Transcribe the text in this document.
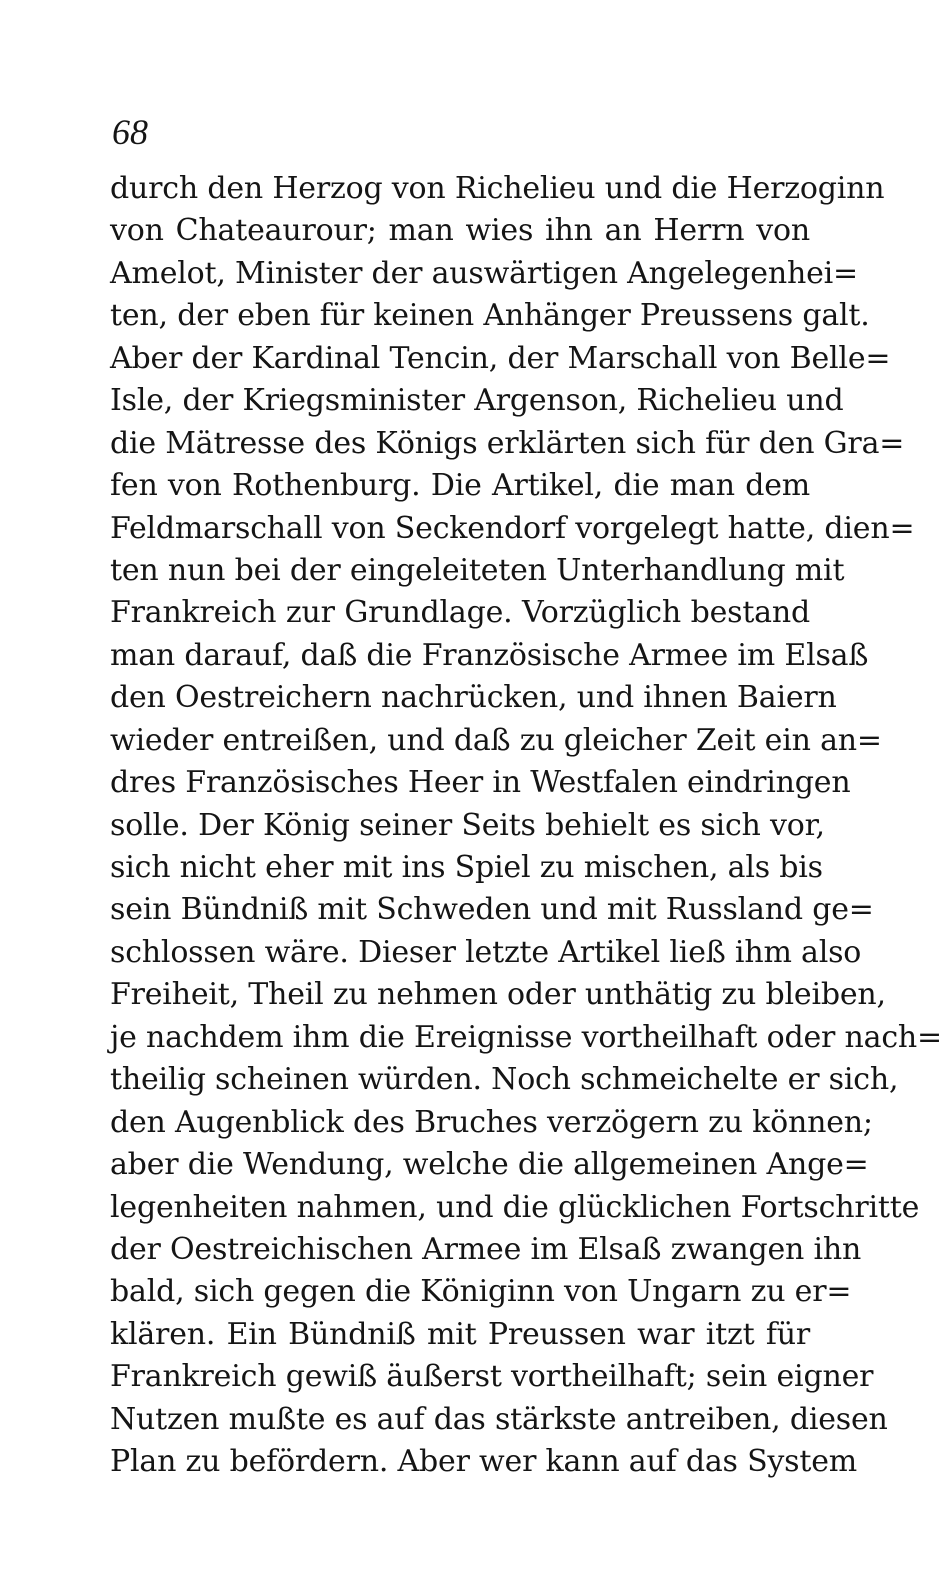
68
durch den Herzog von Richelieu und die Herzoginn
von Chateaurour; man wies ihn an Herrn von
Amelot, Minister der auswärtigen Angelegenhei=
ten, der eben für keinen Anhänger Preussens galt.
Aber der Kardinal Tencin, der Marschall von Belle=
Isle, der Kriegsminister Argenson, Richelieu und
die Mätresse des Königs erklärten sich für den Gra=
fen von Rothenburg. Die Artikel, die man dem
Feldmarschall von Seckendorf vorgelegt hatte, dien=
ten nun bei der eingeleiteten Unterhandlung mit
Frankreich zur Grundlage. Vorzüglich bestand
man darauf, daß die Französische Armee im Elsaß
den Oestreichern nachrücken, und ihnen Baiern
wieder entreißen, und daß zu gleicher Zeit ein an=
dres Französisches Heer in Westfalen eindringen
solle. Der König seiner Seits behielt es sich vor,
sich nicht eher mit ins Spiel zu mischen, als bis
sein Bündniß mit Schweden und mit Russland ge=
schlossen wäre. Dieser letzte Artikel ließ ihm also
Freiheit, Theil zu nehmen oder unthätig zu bleiben,
je nachdem ihm die Ereignisse vortheilhaft oder nach=
theilig scheinen würden. Noch schmeichelte er sich,
den Augenblick des Bruches verzögern zu können;
aber die Wendung, welche die allgemeinen Ange=
legenheiten nahmen, und die glücklichen Fortschritte
der Oestreichischen Armee im Elsaß zwangen ihn
bald, sich gegen die Königinn von Ungarn zu er=
klären. Ein Bündniß mit Preussen war itzt für
Frankreich gewiß äußerst vortheilhaft; sein eigner
Nutzen mußte es auf das stärkste antreiben, diesen
Plan zu befördern. Aber wer kann auf das System
